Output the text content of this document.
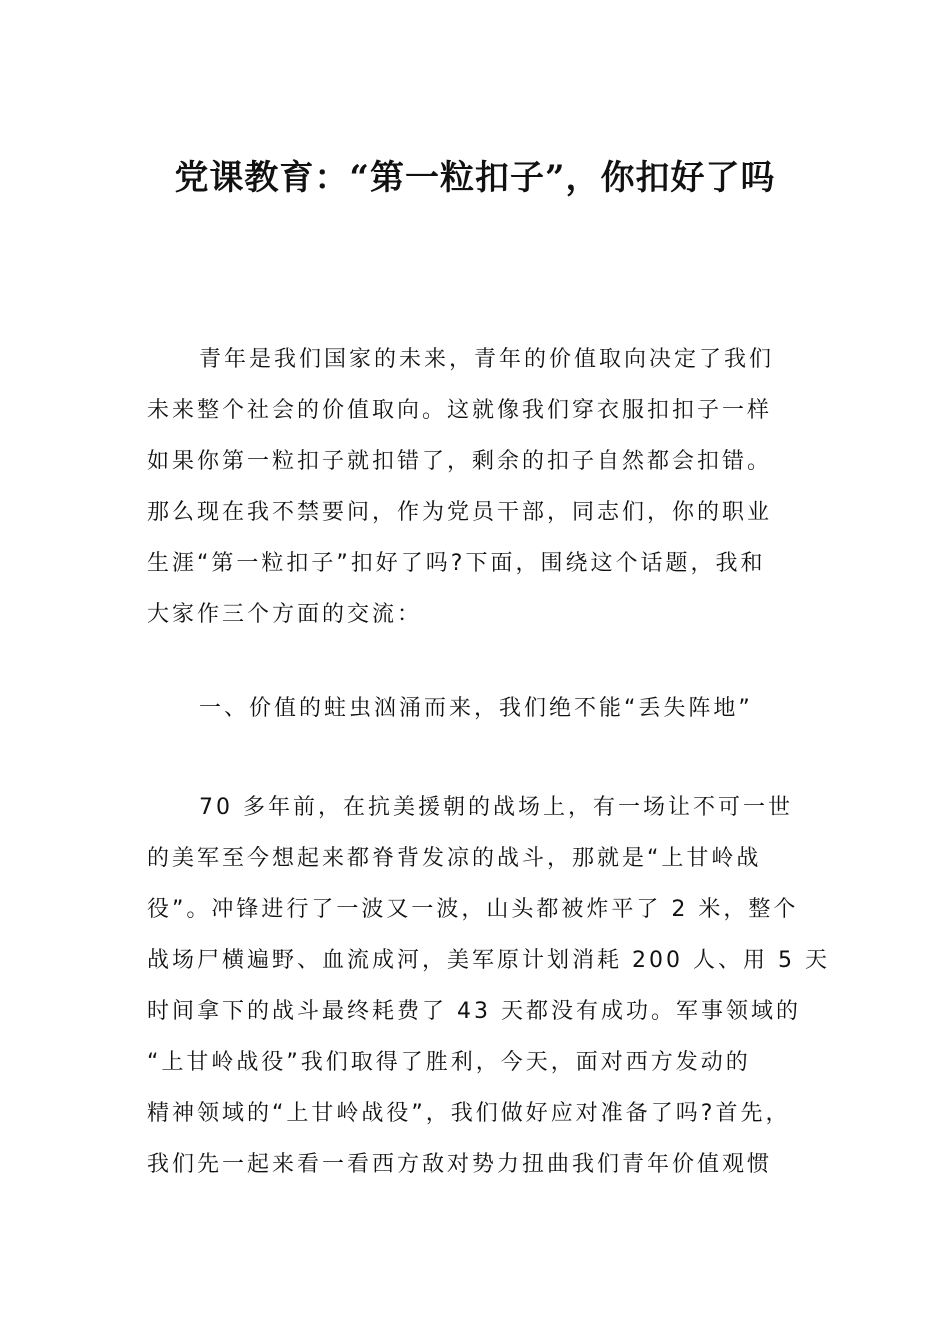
党课教育：“第一粒扣子”，你扣好了吗
青年是我们国家的未来，青年的价值取向决定了我们
未来整个社会的价值取向。这就像我们穿衣服扣扣子一样
如果你第一粒扣子就扣错了，剩余的扣子自然都会扣错。
那么现在我不禁要问，作为党员干部，同志们，你的职业
生涯“第一粒扣子”扣好了吗?下面，围绕这个话题，我和
大家作三个方面的交流：
一、价值的蛀虫汹涌而来，我们绝不能“丢失阵地”
70 多年前，在抗美援朝的战场上，有一场让不可一世
的美军至今想起来都脊背发凉的战斗，那就是“上甘岭战
役”。冲锋进行了一波又一波，山头都被炸平了 2 米，整个
战场尸横遍野、血流成河，美军原计划消耗 200 人、用 5 天
时间拿下的战斗最终耗费了 43 天都没有成功。军事领域的
“上甘岭战役”我们取得了胜利，今天，面对西方发动的
精神领域的“上甘岭战役”，我们做好应对准备了吗?首先，
我们先一起来看一看西方敌对势力扭曲我们青年价值观惯
